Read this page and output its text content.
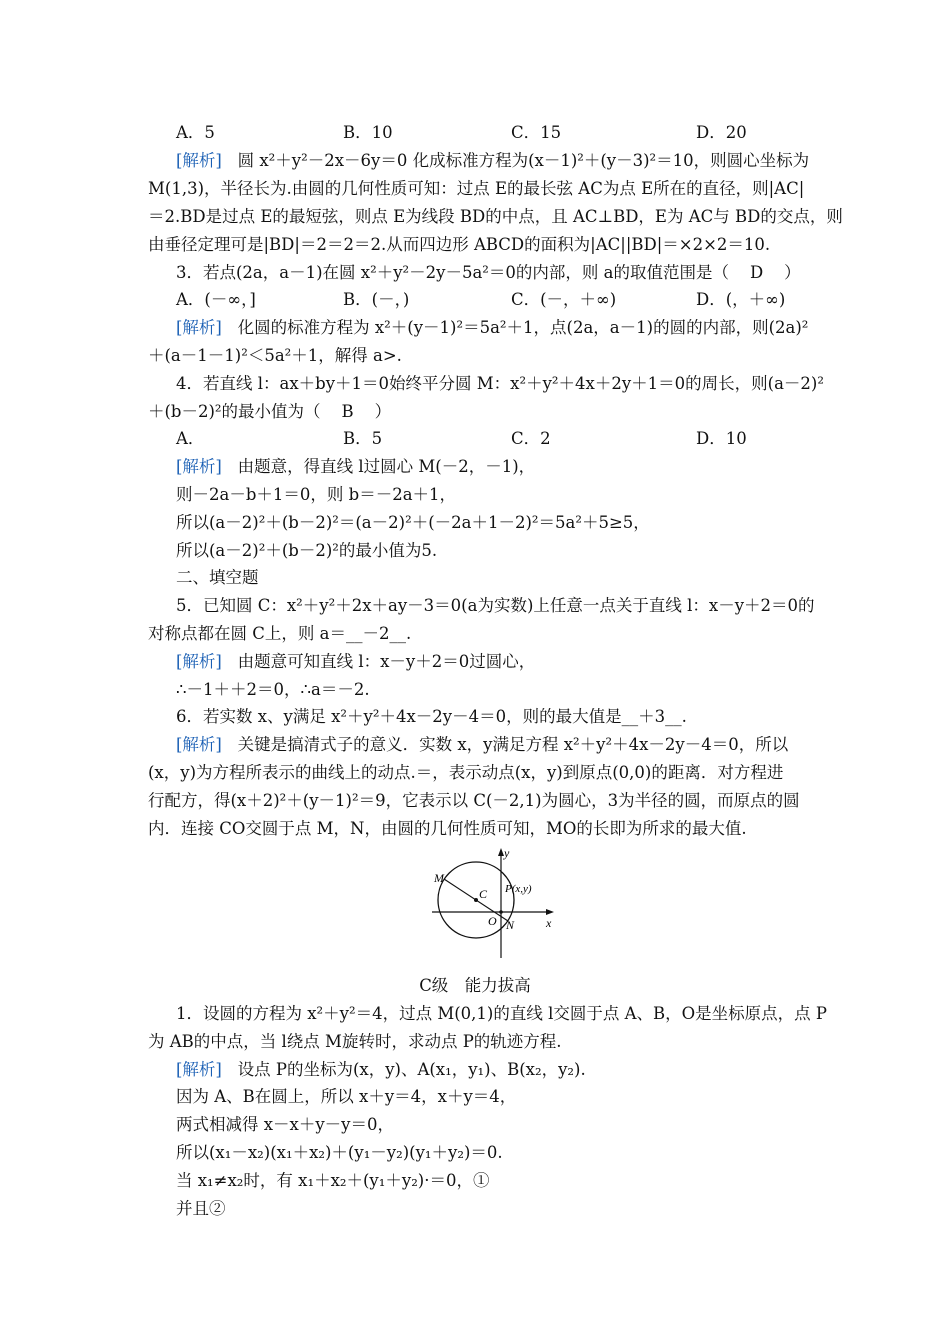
A．5	B．10	C．15	D．20
[解析]   圆 x²＋y²－2x－6y＝0 化成标准方程为(x－1)²＋(y－3)²＝10，则圆心坐标为
M(1,3)，半径长为.由圆的几何性质可知：过点 E的最长弦 AC为点 E所在的直径，则|AC|
＝2.BD是过点 E的最短弦，则点 E为线段 BD的中点，且 AC⊥BD，E为 AC与 BD的交点，则
由垂径定理可是|BD|＝2＝2＝2.从而四边形 ABCD的面积为|AC||BD|＝×2×2＝10.
3．若点(2a，a－1)在圆 x²＋y²－2y－5a²＝0的内部，则 a的取值范围是（    D    ）
A．(－∞，]	B．(－，)	C．(－，＋∞)	D．(，＋∞)
[解析]   化圆的标准方程为 x²＋(y－1)²＝5a²＋1，点(2a，a－1)的圆的内部，则(2a)²
＋(a－1－1)²＜5a²＋1，解得 a>.
4．若直线 l：ax＋by＋1＝0始终平分圆 M：x²＋y²＋4x＋2y＋1＝0的周长，则(a－2)²
＋(b－2)²的最小值为（    B    ）
A．	B．5	C．2	D．10
[解析]   由题意，得直线 l过圆心 M(－2，－1)，
则－2a－b＋1＝0，则 b＝－2a＋1，
所以(a－2)²＋(b－2)²＝(a－2)²＋(－2a＋1－2)²＝5a²＋5≥5，
所以(a－2)²＋(b－2)²的最小值为5.
二、填空题
5．已知圆 C：x²＋y²＋2x＋ay－3＝0(a为实数)上任意一点关于直线 l：x－y＋2＝0的
对称点都在圆 C上，则 a＝__－2__.
[解析]   由题意可知直线 l：x－y＋2＝0过圆心，
∴－1＋＋2＝0，∴a＝－2.
6．若实数 x、y满足 x²＋y²＋4x－2y－4＝0，则的最大值是__＋3__.
[解析]   关键是搞清式子的意义．实数 x，y满足方程 x²＋y²＋4x－2y－4＝0，所以
(x，y)为方程所表示的曲线上的动点.＝，表示动点(x，y)到原点(0,0)的距离．对方程进
行配方，得(x＋2)²＋(y－1)²＝9，它表示以 C(－2,1)为圆心，3为半径的圆，而原点的圆
内．连接 CO交圆于点 M，N，由圆的几何性质可知，MO的长即为所求的最大值.
y
x
M
C P(x,y)
O N
C级　能力拔高
1．设圆的方程为 x²＋y²＝4，过点 M(0,1)的直线 l交圆于点 A、B，O是坐标原点，点 P
为 AB的中点，当 l绕点 M旋转时，求动点 P的轨迹方程.
[解析]   设点 P的坐标为(x，y)、A(x₁，y₁)、B(x₂，y₂).
因为 A、B在圆上，所以 x＋y＝4，x＋y＝4，
两式相减得 x－x＋y－y＝0，
所以(x₁－x₂)(x₁＋x₂)＋(y₁－y₂)(y₁＋y₂)＝0.
当 x₁≠x₂时，有 x₁＋x₂＋(y₁＋y₂)·＝0，①
并且②
